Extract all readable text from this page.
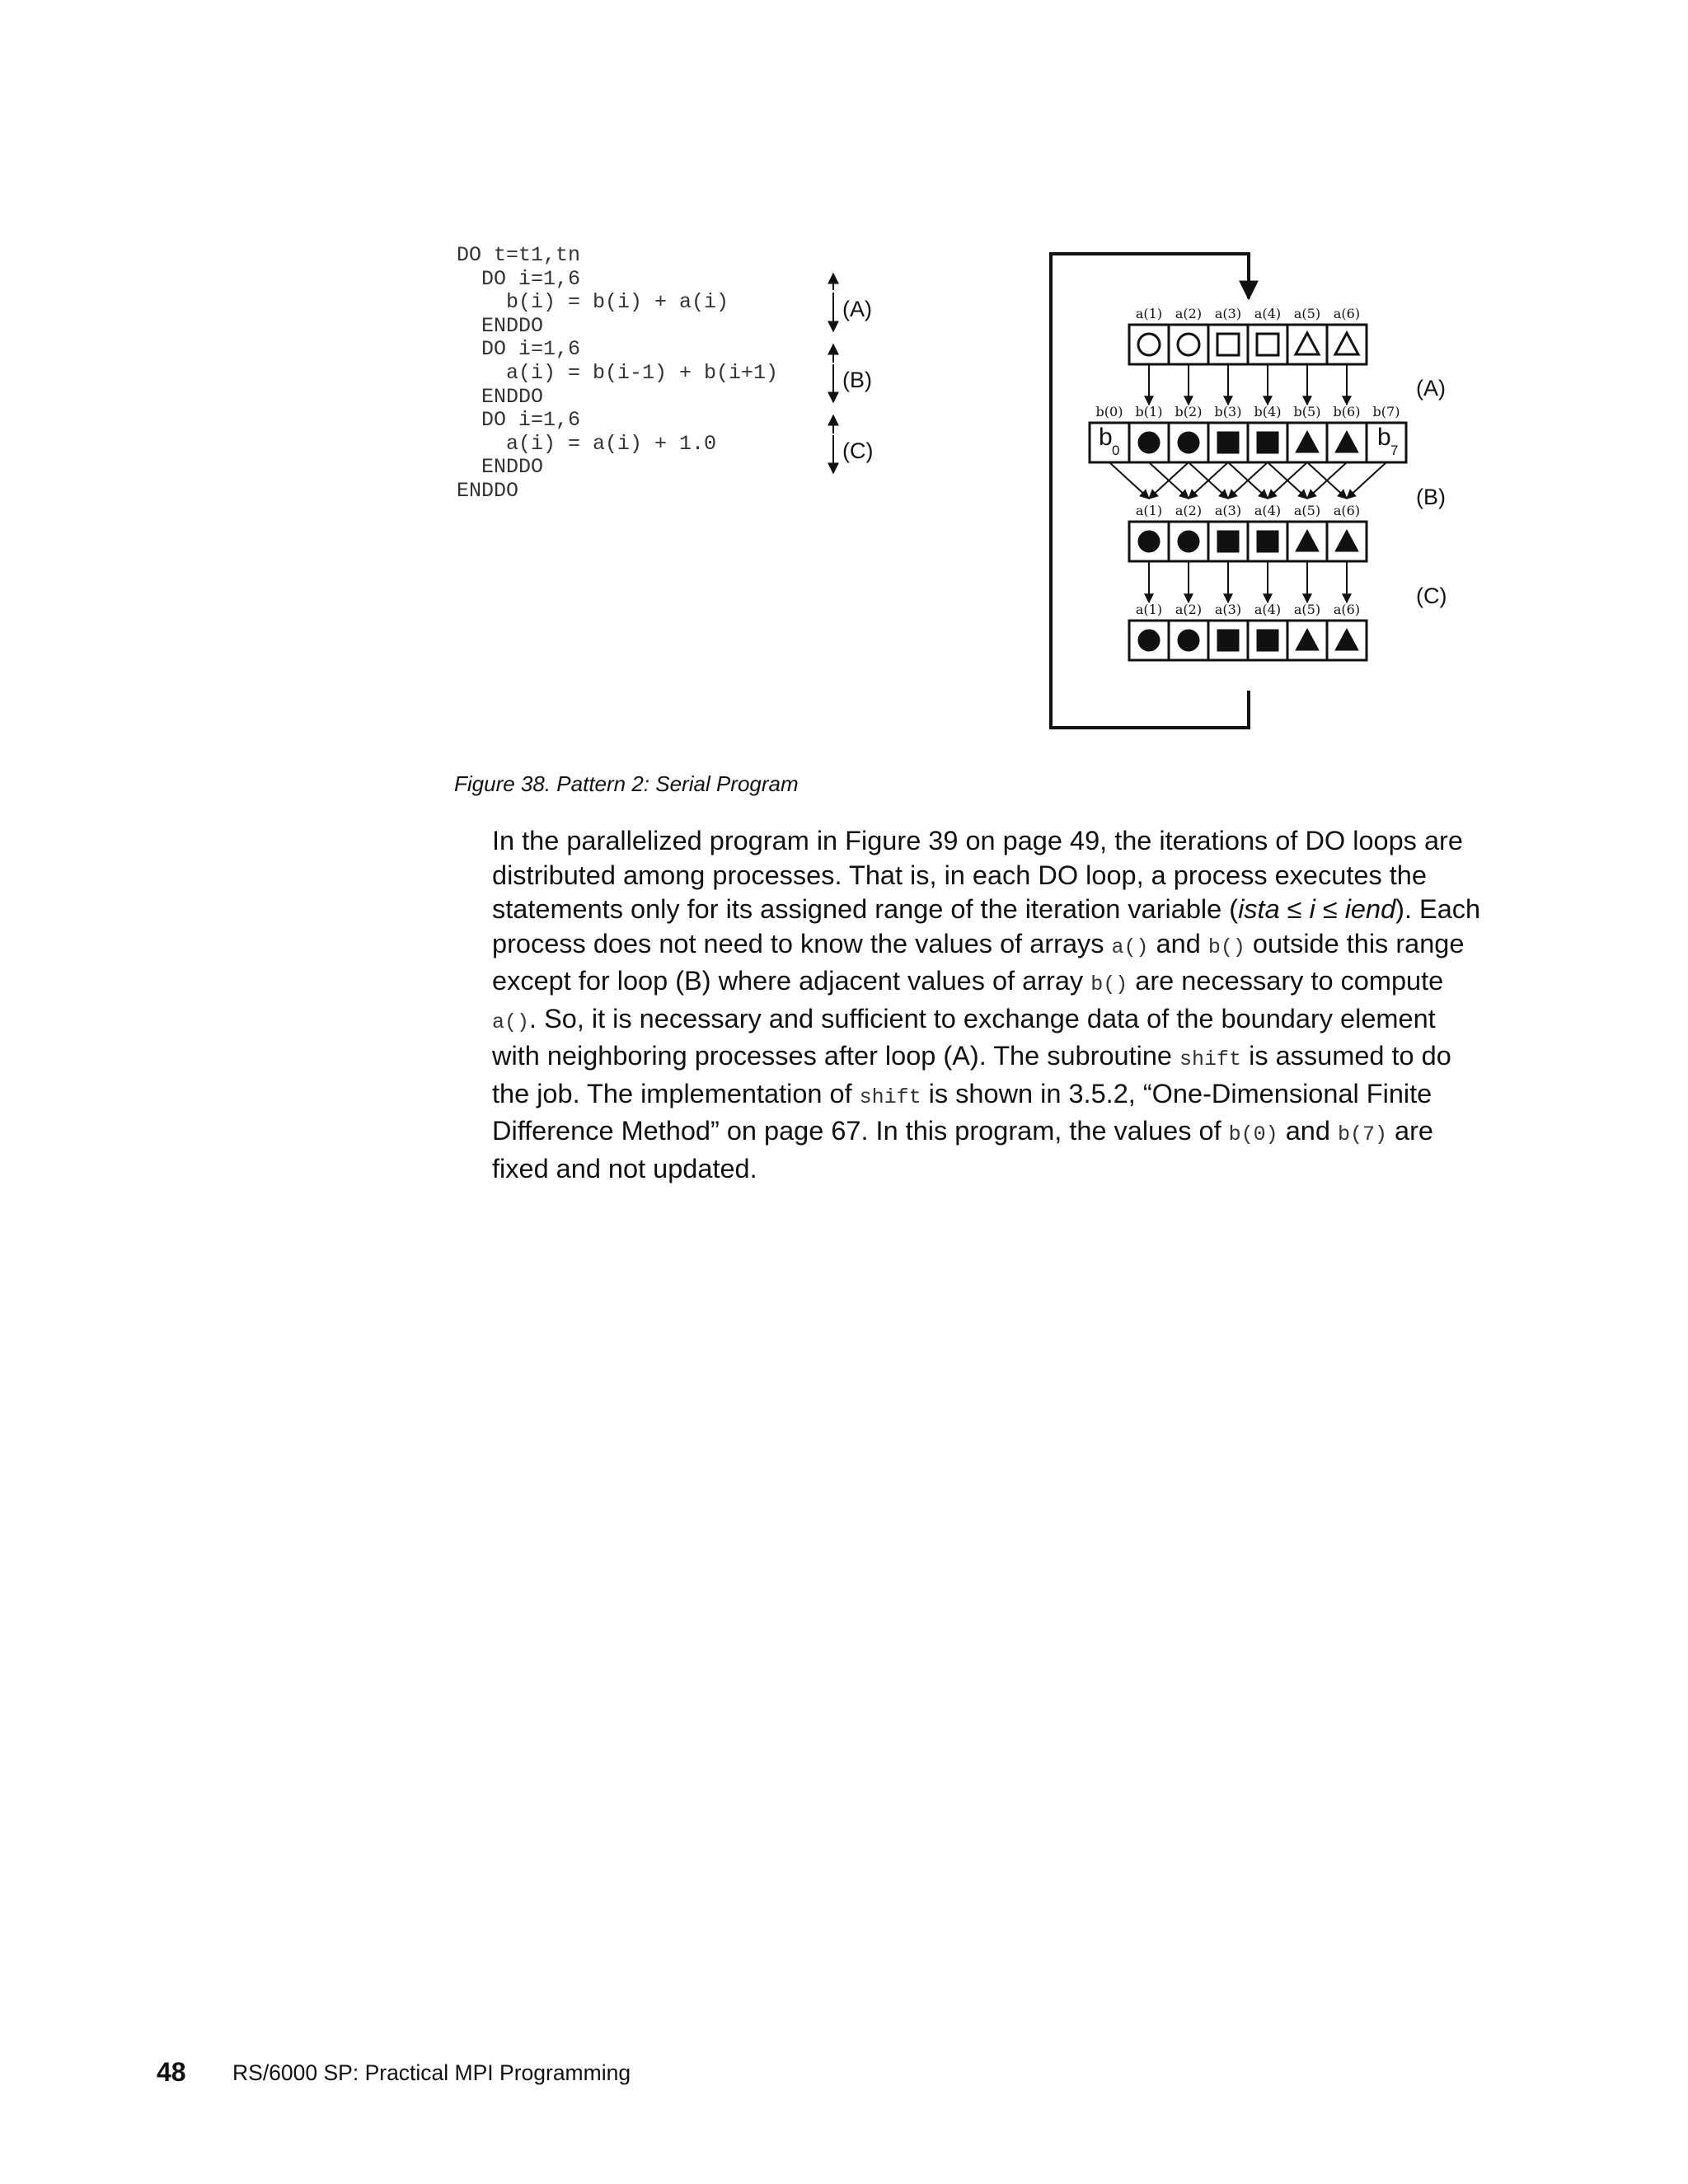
DO t=t1,tn
DO i=1,6
b(i) = b(i) + a(i)
ENDDO
DO i=1,6
a(i) = b(i-1) + b(i+1)
ENDDO
DO i=1,6
a(i) = a(i) + 1.0
ENDDO
ENDDO
(A)
(B)
(C)
(A)
(B)
(C)
a(1) a(2) a(3) a(4) a(5) a(6)
b(0) b(1) b(2) b(3) b(4) b(5) b(6) b(7)
a(1) a(2) a(3) a(4) a(5) a(6)
a(1) a(2) a(3) a(4) a(5) a(6)
b 0	b 7
Figure 38. Pattern 2: Serial Program

In the parallelized program in Figure 39 on page 49, the iterations of DO loops are distributed among processes. That is, in each DO loop, a process executes the statements only for its assigned range of the iteration variable (ista ≤ i ≤ iend). Each process does not need to know the values of arrays a() and b() outside this range except for loop (B) where adjacent values of array b() are necessary to compute a(). So, it is necessary and sufficient to exchange data of the boundary element with neighboring processes after loop (A). The subroutine shift is assumed to do the job. The implementation of shift is shown in 3.5.2, “One-Dimensional Finite Difference Method” on page 67. In this program, the values of b(0) and b(7) are fixed and not updated.

48 RS/6000 SP: Practical MPI Programming
